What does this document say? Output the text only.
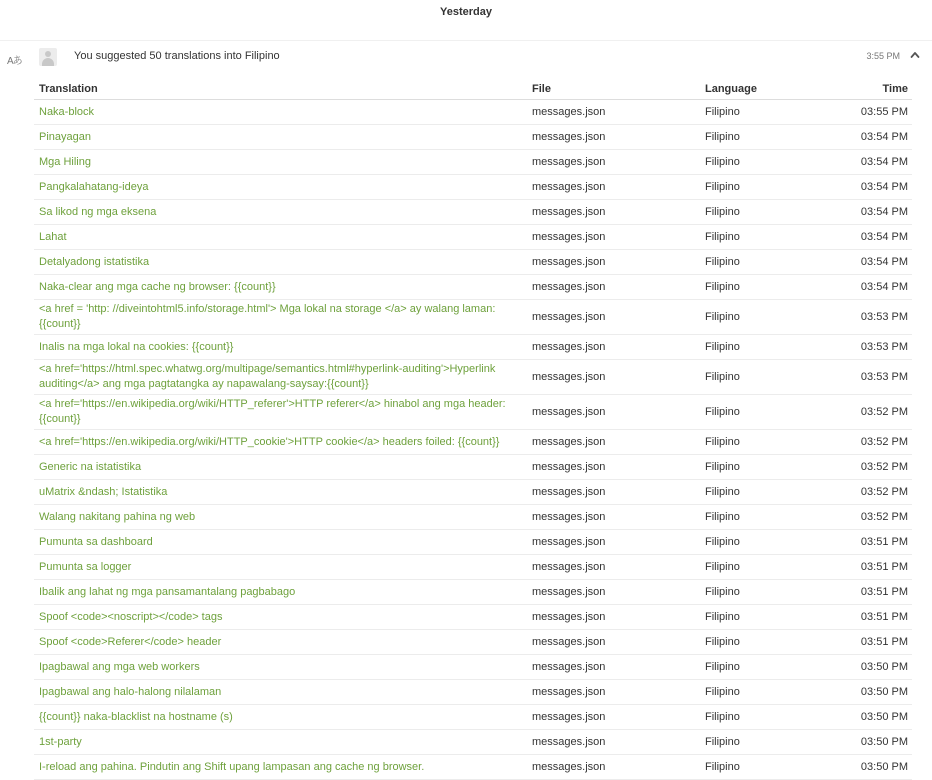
Yesterday
Aあ	You suggested 50 translations into Filipino	3:55 PM
Translation	File	Language	Time
Naka-block	messages.json	Filipino	03:55 PM
Pinayagan	messages.json	Filipino	03:54 PM
Mga Hiling	messages.json	Filipino	03:54 PM
Pangkalahatang-ideya	messages.json	Filipino	03:54 PM
Sa likod ng mga eksena	messages.json	Filipino	03:54 PM
Lahat	messages.json	Filipino	03:54 PM
Detalyadong istatistika	messages.json	Filipino	03:54 PM
Naka-clear ang mga cache ng browser: {{count}}	messages.json	Filipino	03:54 PM
<a href = 'http: //diveintohtml5.info/storage.html'> Mga lokal na storage </a> ay walang laman: {{count}}	messages.json	Filipino	03:53 PM
Inalis na mga lokal na cookies: {{count}}	messages.json	Filipino	03:53 PM
<a href='https://html.spec.whatwg.org/multipage/semantics.html#hyperlink-auditing'>Hyperlink auditing</a> ang mga pagtatangka ay napawalang-saysay:{{count}}	messages.json	Filipino	03:53 PM
<a href='https://en.wikipedia.org/wiki/HTTP_referer'>HTTP referer</a> hinabol ang mga header: {{count}}	messages.json	Filipino	03:52 PM
<a href='https://en.wikipedia.org/wiki/HTTP_cookie'>HTTP cookie</a> headers foiled: {{count}}	messages.json	Filipino	03:52 PM
Generic na istatistika	messages.json	Filipino	03:52 PM
uMatrix &ndash; Istatistika	messages.json	Filipino	03:52 PM
Walang nakitang pahina ng web	messages.json	Filipino	03:52 PM
Pumunta sa dashboard	messages.json	Filipino	03:51 PM
Pumunta sa logger	messages.json	Filipino	03:51 PM
Ibalik ang lahat ng mga pansamantalang pagbabago	messages.json	Filipino	03:51 PM
Spoof <code><noscript></code> tags	messages.json	Filipino	03:51 PM
Spoof <code>Referer</code> header	messages.json	Filipino	03:51 PM
Ipagbawal ang mga web workers	messages.json	Filipino	03:50 PM
Ipagbawal ang halo-halong nilalaman	messages.json	Filipino	03:50 PM
{{count}} naka-blacklist na hostname (s)	messages.json	Filipino	03:50 PM
1st-party	messages.json	Filipino	03:50 PM
I-reload ang pahina. Pindutin ang Shift upang lampasan ang cache ng browser.	messages.json	Filipino	03:50 PM
